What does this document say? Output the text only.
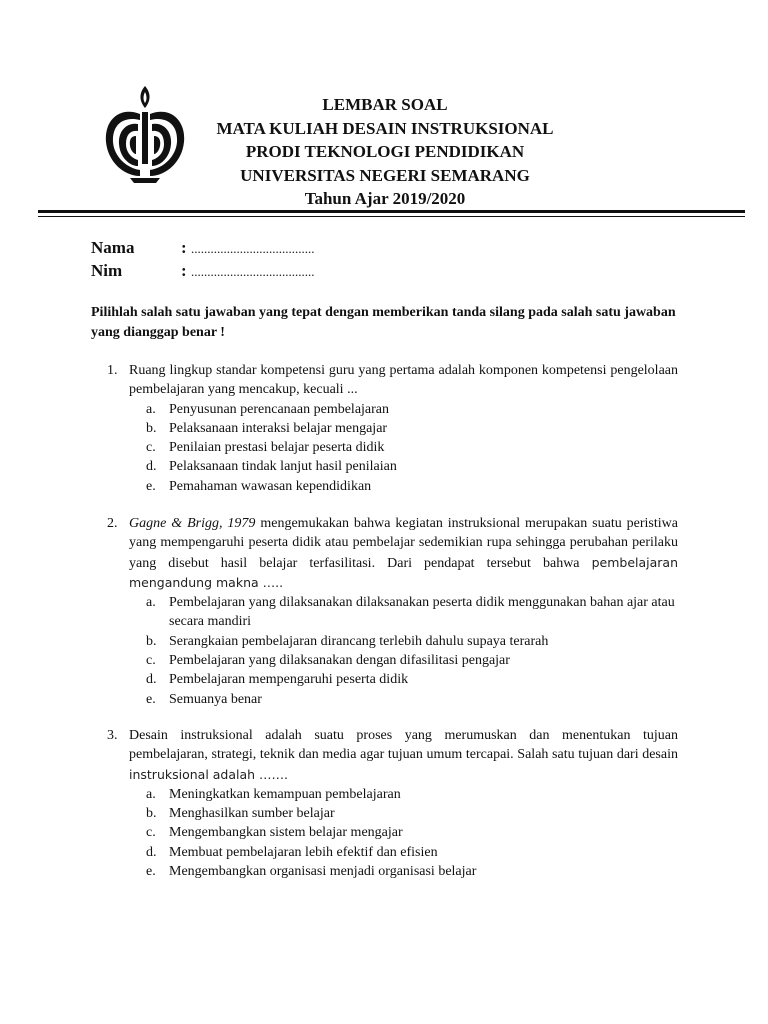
LEMBAR SOAL
MATA KULIAH DESAIN INSTRUKSIONAL
PRODI TEKNOLOGI PENDIDIKAN
UNIVERSITAS NEGERI SEMARANG
Tahun Ajar 2019/2020
Nama	: ......................................
Nim	: ......................................
Pilihlah salah satu jawaban yang tepat dengan memberikan tanda silang pada salah satu jawaban yang dianggap benar !
1. Ruang lingkup standar kompetensi guru yang pertama adalah komponen kompetensi pengelolaan pembelajaran yang mencakup, kecuali ...
a. Penyusunan perencanaan pembelajaran
b. Pelaksanaan interaksi belajar mengajar
c. Penilaian prestasi belajar peserta didik
d. Pelaksanaan tindak lanjut hasil penilaian
e. Pemahaman wawasan kependidikan
2. Gagne & Brigg, 1979 mengemukakan bahwa kegiatan instruksional merupakan suatu peristiwa yang mempengaruhi peserta didik atau pembelajar sedemikian rupa sehingga perubahan perilaku yang disebut hasil belajar terfasilitasi. Dari pendapat tersebut bahwa pembelajaran mengandung makna …..
a. Pembelajaran yang dilaksanakan dilaksanakan peserta didik menggunakan bahan ajar atau secara mandiri
b. Serangkaian pembelajaran dirancang terlebih dahulu supaya terarah
c. Pembelajaran yang dilaksanakan dengan difasilitasi pengajar
d. Pembelajaran mempengaruhi peserta didik
e. Semuanya benar
3. Desain instruksional adalah suatu proses yang merumuskan dan menentukan tujuan pembelajaran, strategi, teknik dan media agar tujuan umum tercapai. Salah satu tujuan dari desain instruksional adalah …….
a. Meningkatkan kemampuan pembelajaran
b. Menghasilkan sumber belajar
c. Mengembangkan sistem belajar mengajar
d. Membuat pembelajaran lebih efektif dan efisien
e. Mengembangkan organisasi menjadi organisasi belajar
